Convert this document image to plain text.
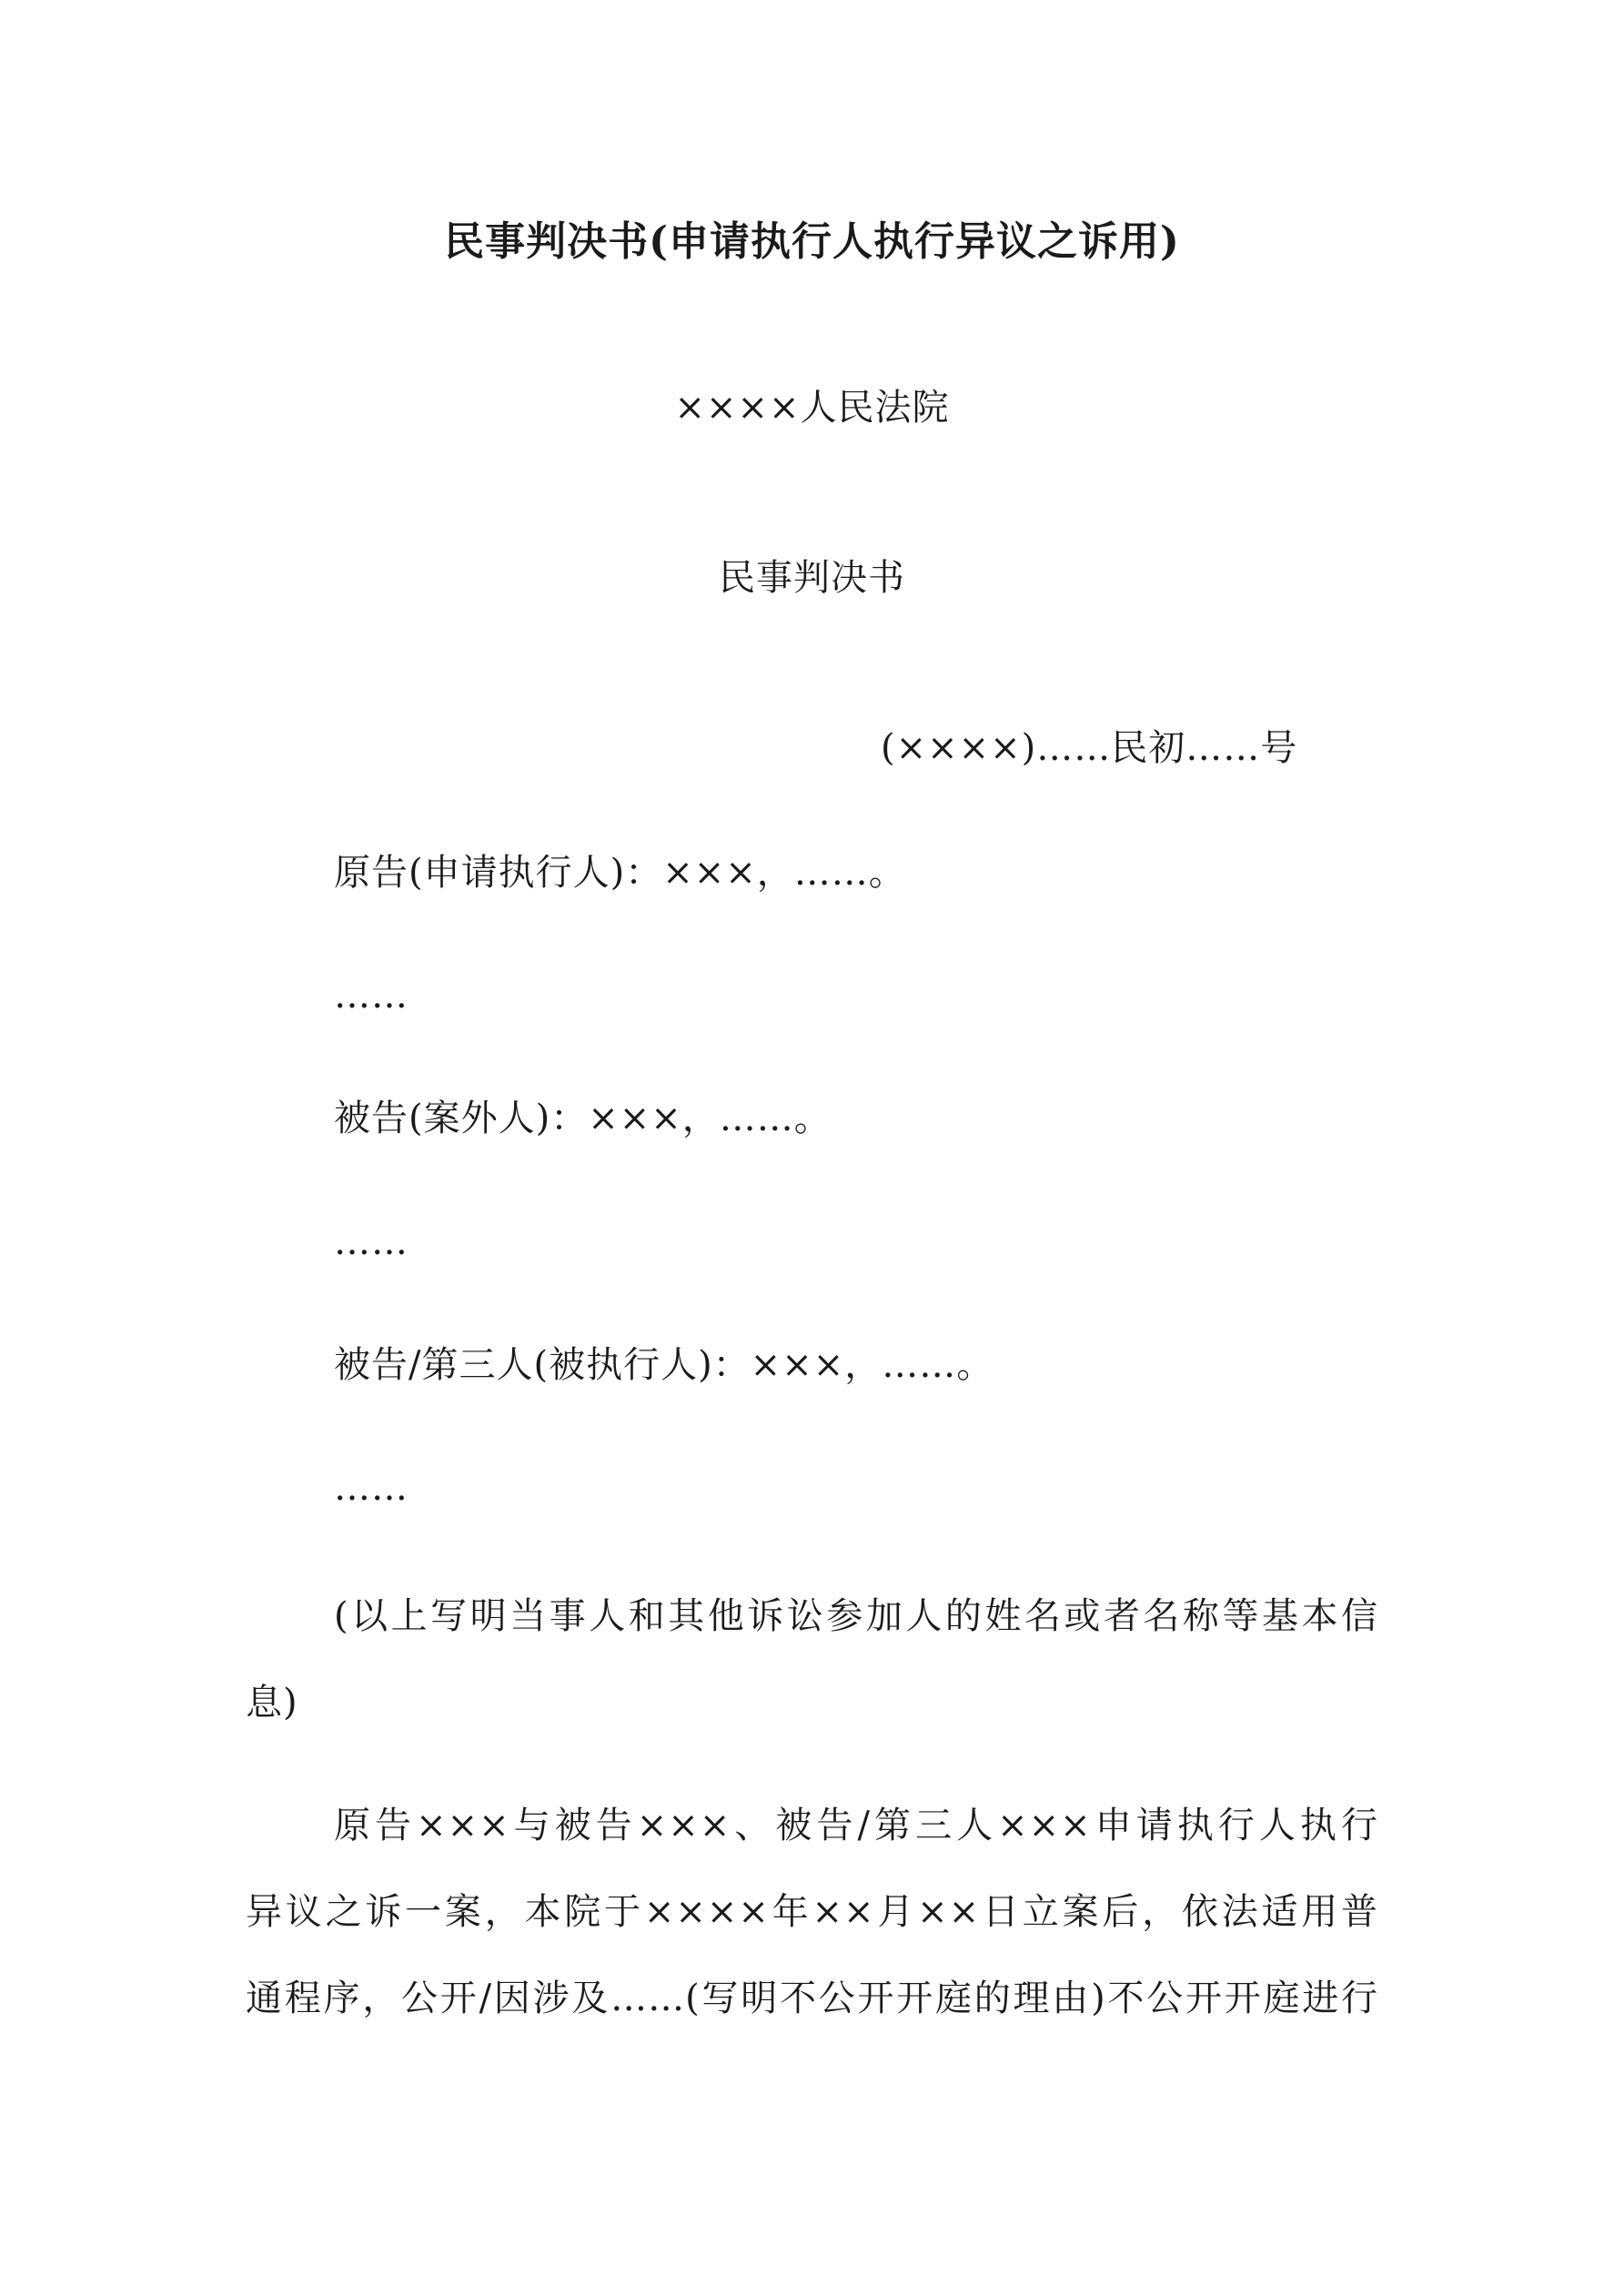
民事判决书(申请执行人执行异议之诉用)
××××人民法院
民事判决书
(××××)……民初……号
原告(申请执行人)：×××，……。
……
被告(案外人)：×××，……。
……
被告/第三人(被执行人)：×××，……。
……
(以上写明当事人和其他诉讼参加人的姓名或者名称等基本信
息)
原告×××与被告×××、被告/第三人×××申请执行人执行
异议之诉一案，本院于××××年××月××日立案后，依法适用普
通程序，公开/因涉及……(写明不公开开庭的理由)不公开开庭进行
